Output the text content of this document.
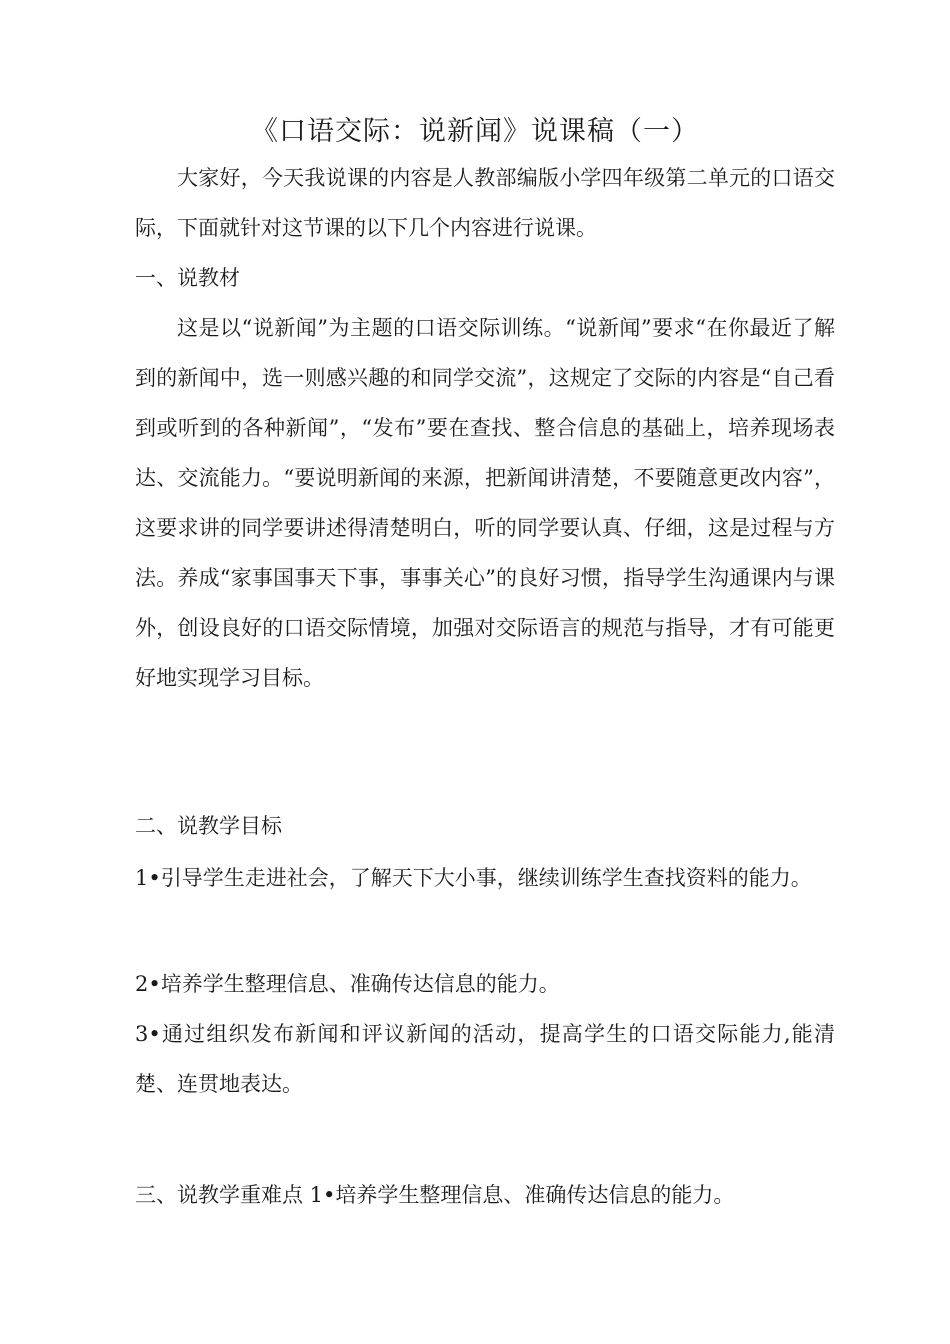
《口语交际：说新闻》说课稿（一）

大家好，今天我说课的内容是人教部编版小学四年级第二单元的口语交际，下面就针对这节课的以下几个内容进行说课。

一、说教材

这是以“说新闻”为主题的口语交际训练。“说新闻”要求“在你最近了解到的新闻中，选一则感兴趣的和同学交流”，这规定了交际的内容是“自己看到或听到的各种新闻”，“发布”要在查找、整合信息的基础上，培养现场表达、交流能力。“要说明新闻的来源，把新闻讲清楚，不要随意更改内容”，这要求讲的同学要讲述得清楚明白，听的同学要认真、仔细，这是过程与方法。养成“家事国事天下事，事事关心”的良好习惯，指导学生沟通课内与课外，创设良好的口语交际情境，加强对交际语言的规范与指导，才有可能更好地实现学习目标。

二、说教学目标

1•引导学生走进社会，了解天下大小事，继续训练学生查找资料的能力。

2•培养学生整理信息、准确传达信息的能力。

3•通过组织发布新闻和评议新闻的活动，提高学生的口语交际能力,能清楚、连贯地表达。

三、说教学重难点 1•培养学生整理信息、准确传达信息的能力。
